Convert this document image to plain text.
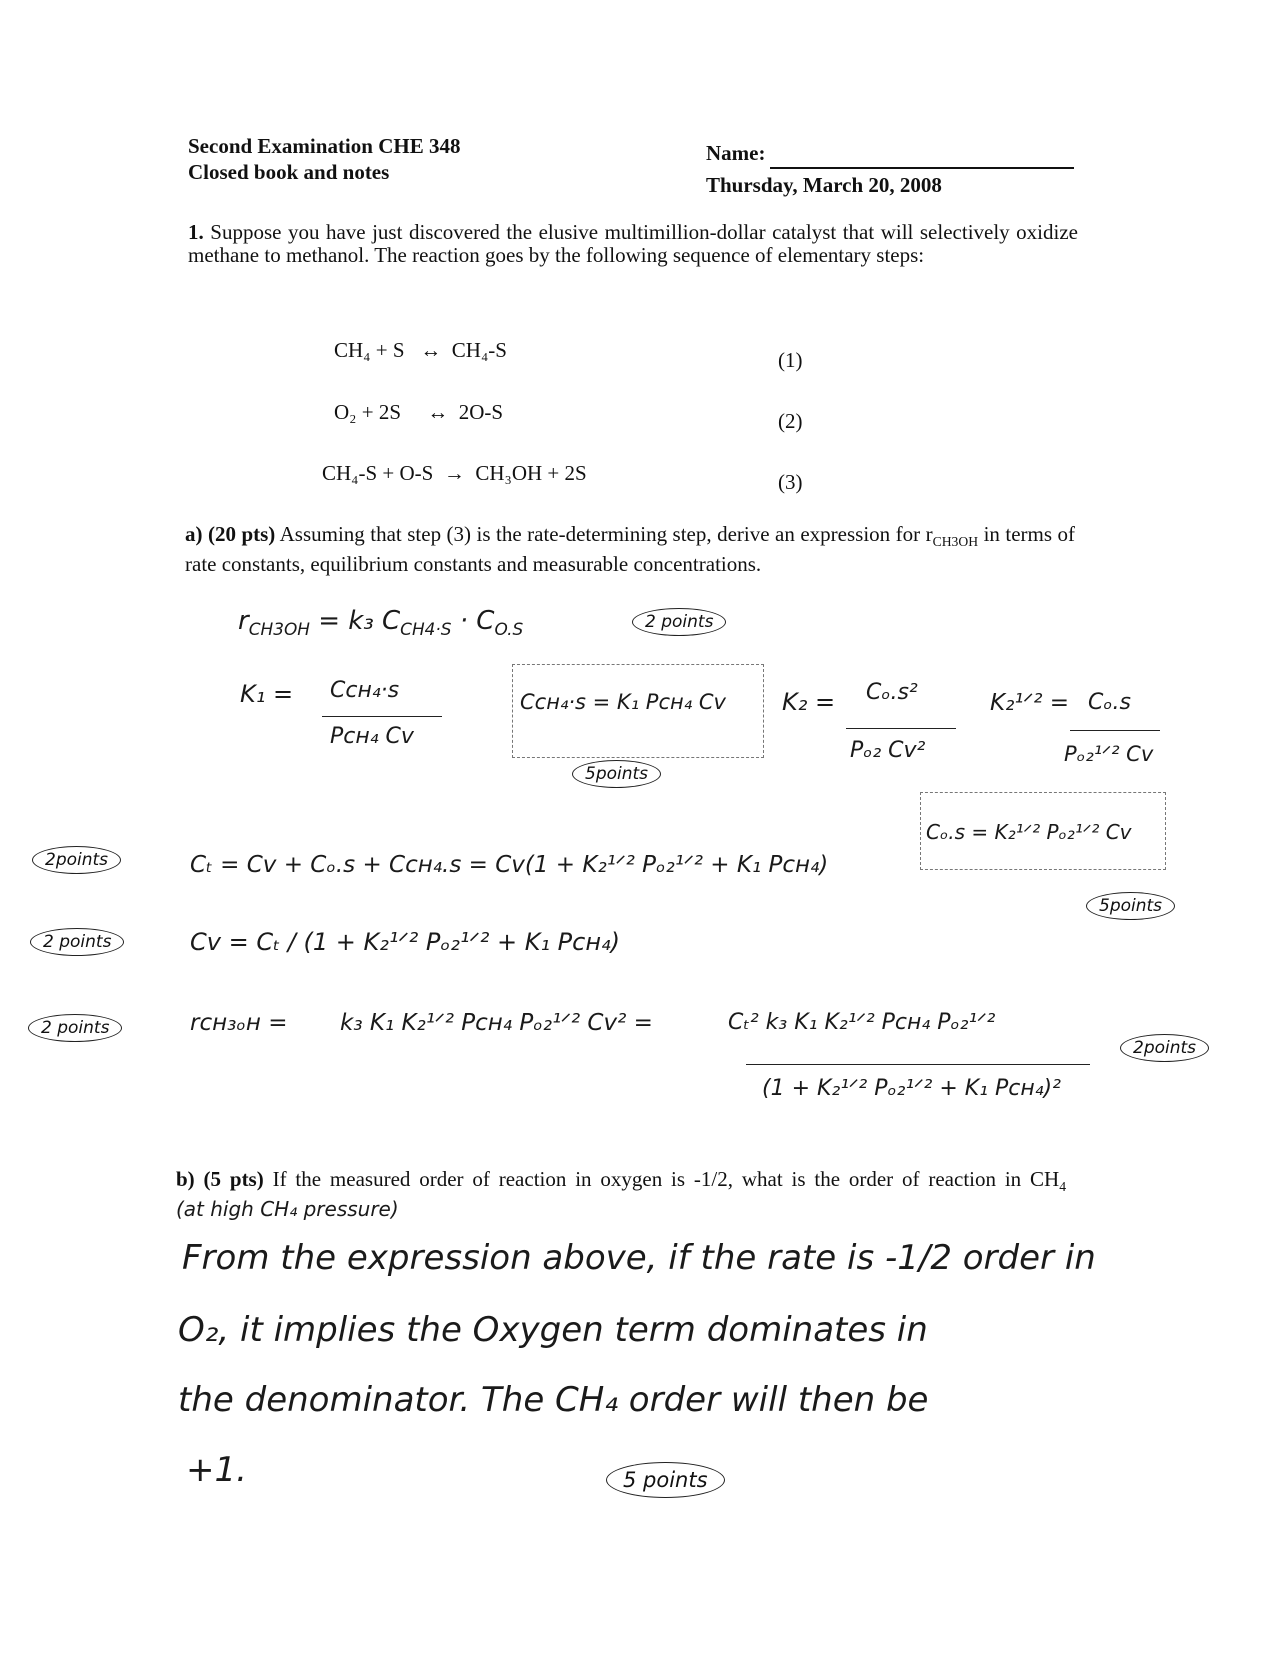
Second Examination CHE 348
Closed book and notes
Name:
Thursday, March 20, 2008
1. Suppose you have just discovered the elusive multimillion-dollar catalyst that will selectively oxidize methane to methanol. The reaction goes by the following sequence of elementary steps:
CH₄ + S ↔ CH₄-S	(1)
O₂ + 2S ↔ 2O-S	(2)
CH₄-S + O-S → CH₃OH + 2S	(3)
a) (20 pts) Assuming that step (3) is the rate-determining step, derive an expression for $r_{CH3OH}$ in terms of rate constants, equilibrium constants and measurable concentrations.
$r_{CH3OH} = k_3$ $C_{CH4\cdot S} \cdot C_{O.S}$	2 points
K₁ = Cᴄʜ₄·s
Pᴄʜ₄ Cv
Cᴄʜ₄·s = K₁ Pᴄʜ₄ Cv
5points
K₂ = Cₒ.s²
Pₒ₂ Cv²
K₂¹ᐟ² = Cₒ.s
Pₒ₂¹ᐟ² Cv
Cₒ.s = K₂¹ᐟ² Pₒ₂¹ᐟ² Cv
5points
2points	Cₜ = Cv + Cₒ.s + Cᴄʜ₄.s = Cv(1 + K₂¹ᐟ² Pₒ₂¹ᐟ² + K₁ Pᴄʜ₄)
2 points	Cv = Cₜ / (1 + K₂¹ᐟ² Pₒ₂¹ᐟ² + K₁ Pᴄʜ₄)
2 points	rᴄʜ₃ₒʜ = k₃ K₁ K₂¹ᐟ² Pᴄʜ₄ Pₒ₂¹ᐟ² Cv² =	Cₜ² k₃ K₁ K₂¹ᐟ² Pᴄʜ₄ Pₒ₂¹ᐟ²
(1 + K₂¹ᐟ² Pₒ₂¹ᐟ² + K₁ Pᴄʜ₄)²
2points
b) (5 pts) If the measured order of reaction in oxygen is -1/2, what is the order of reaction in $CH_4$ (at high CH₄ pressure)
From the expression above, if the rate is -1/2 order in
O₂, it implies the Oxygen term dominates in
the denominator. The CH₄ order will then be
+1.	5 points
